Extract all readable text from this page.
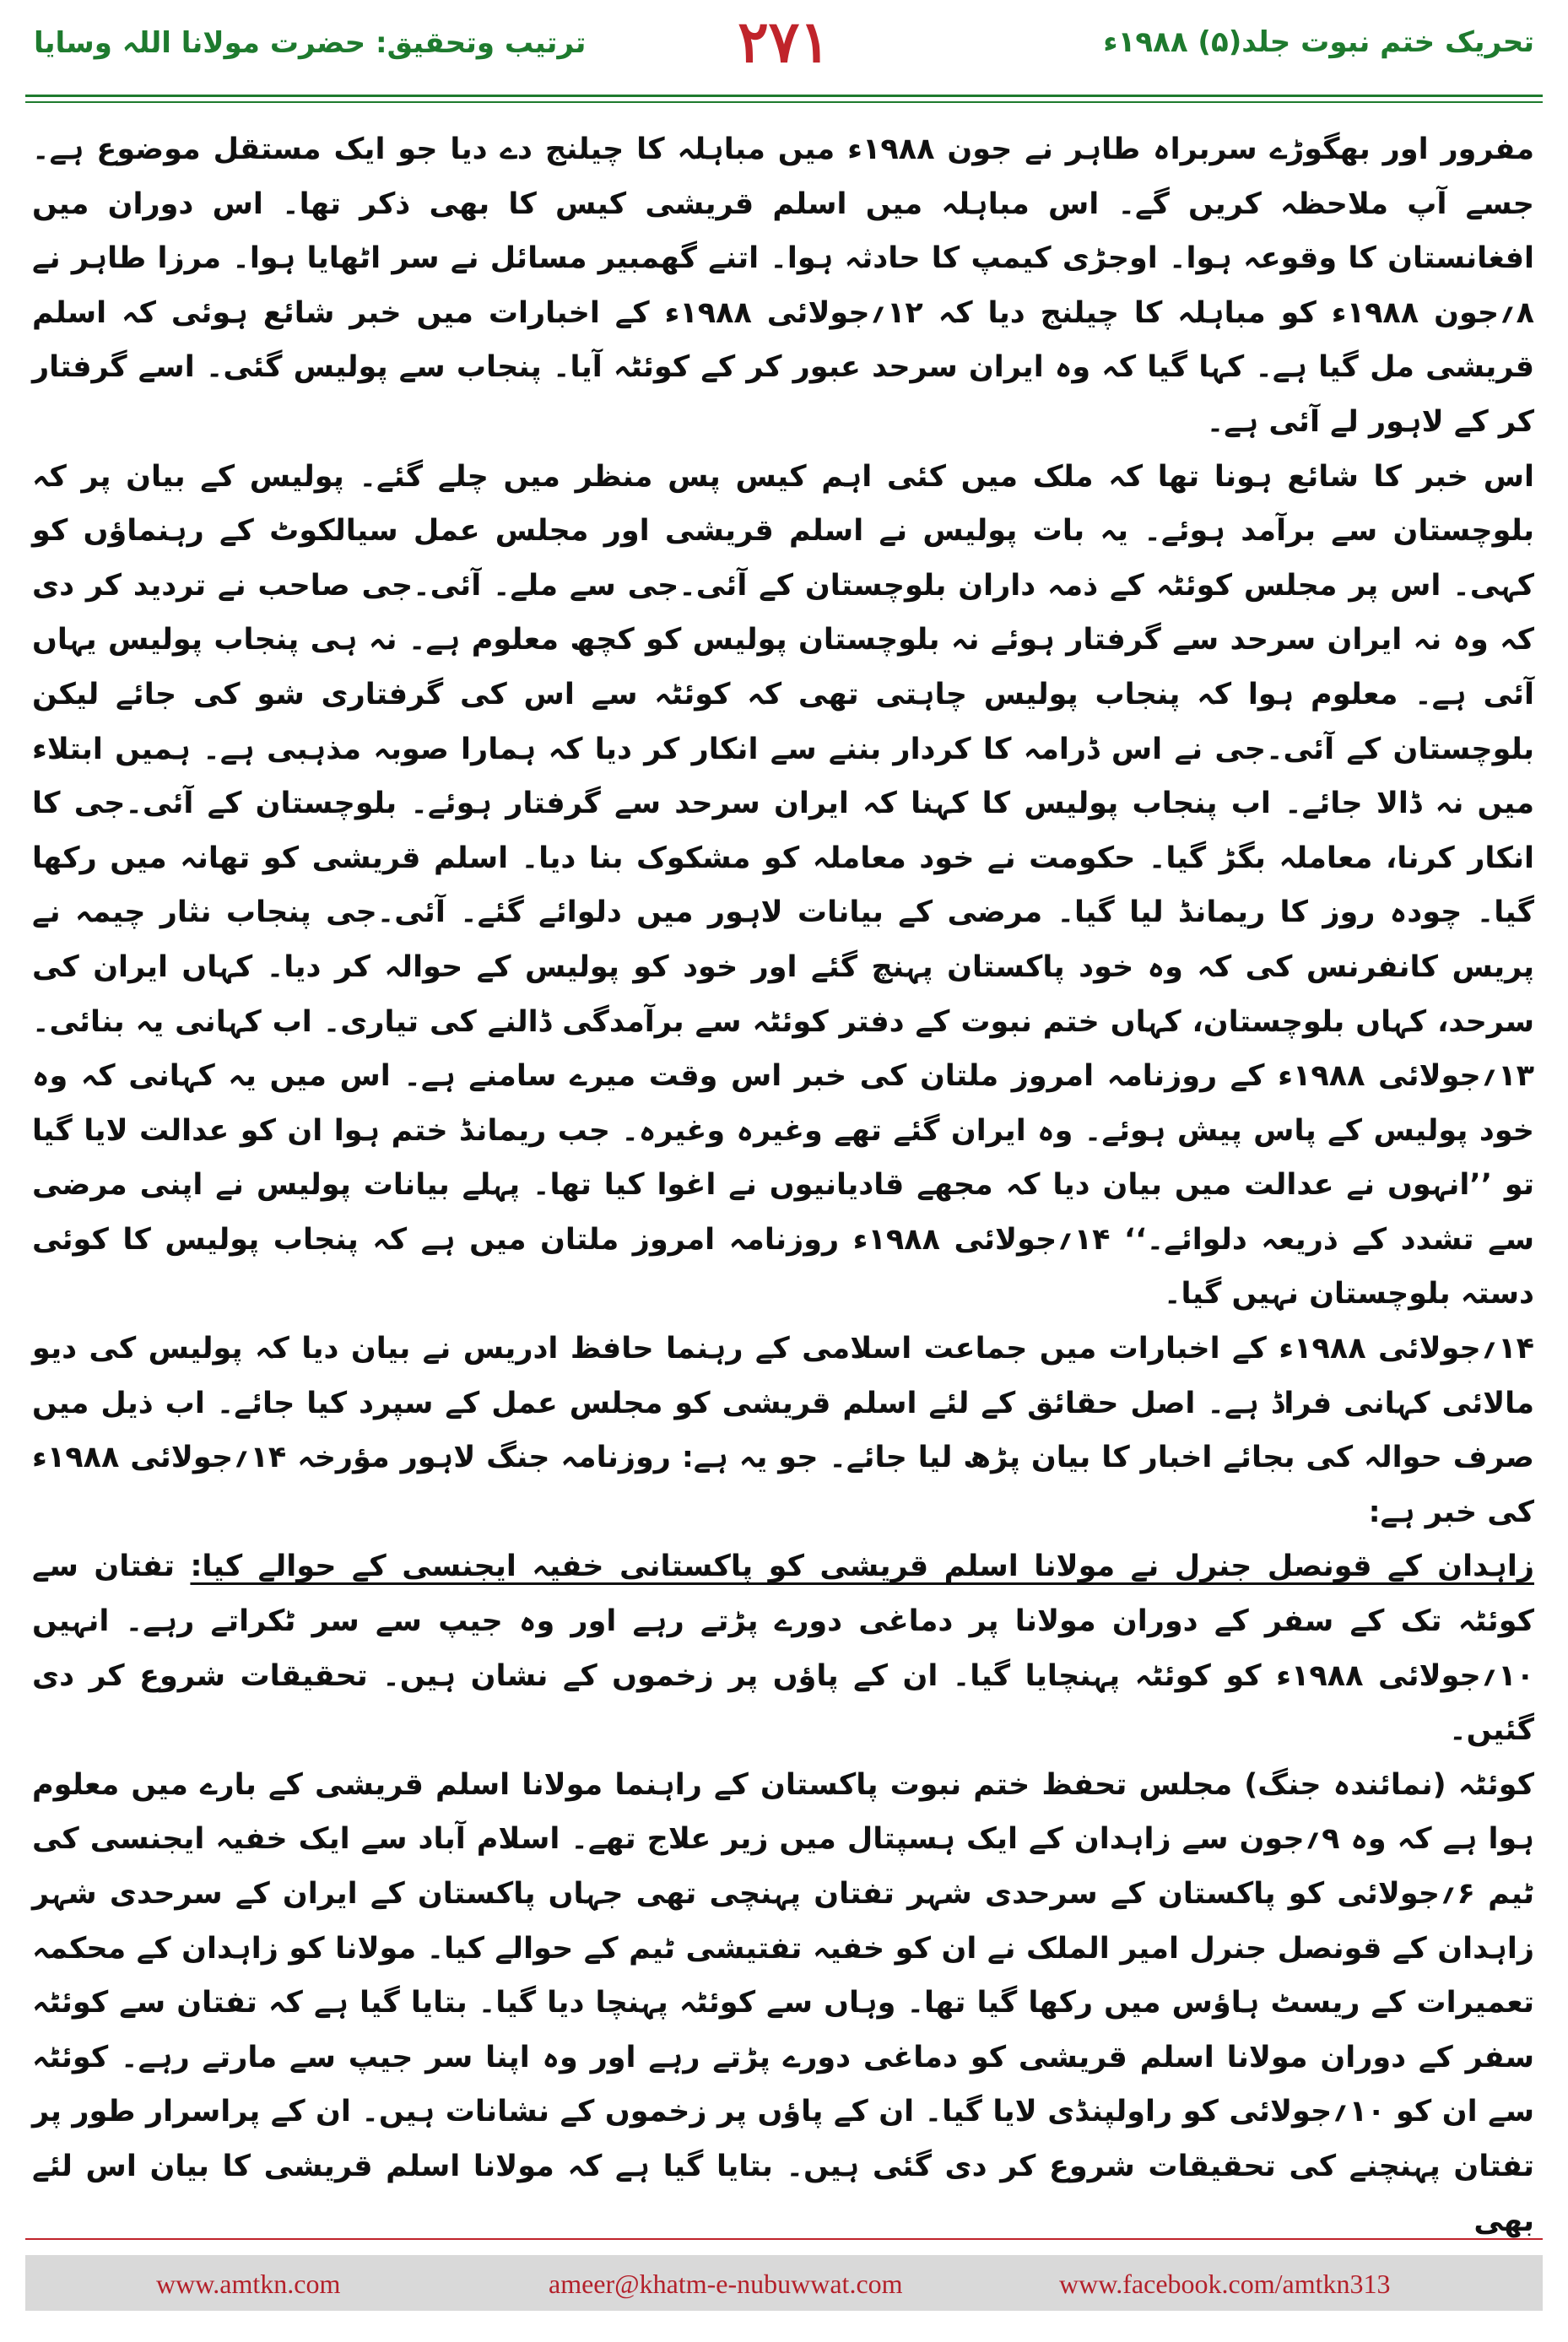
تحریک ختم نبوت جلد(۵) ۱۹۸۸ء
۲۷۱
ترتیب وتحقیق: حضرت مولانا اللہ وسایا

مفرور اور بھگوڑے سربراہ طاہر نے جون ۱۹۸۸ء میں مباہلہ کا چیلنج دے دیا جو ایک مستقل موضوع ہے۔ جسے آپ ملاحظہ کریں گے۔ اس مباہلہ میں اسلم قریشی کیس کا بھی ذکر تھا۔ اس دوران میں افغانستان کا وقوعہ ہوا۔ اوجڑی کیمپ کا حادثہ ہوا۔ اتنے گھمبیر مسائل نے سر اٹھایا ہوا۔ مرزا طاہر نے ۸؍جون ۱۹۸۸ء کو مباہلہ کا چیلنج دیا کہ ۱۲؍جولائی ۱۹۸۸ء کے اخبارات میں خبر شائع ہوئی کہ اسلم قریشی مل گیا ہے۔ کہا گیا کہ وہ ایران سرحد عبور کر کے کوئٹہ آیا۔ پنجاب سے پولیس گئی۔ اسے گرفتار کر کے لاہور لے آئی ہے۔

اس خبر کا شائع ہونا تھا کہ ملک میں کئی اہم کیس پس منظر میں چلے گئے۔ پولیس کے بیان پر کہ بلوچستان سے برآمد ہوئے۔ یہ بات پولیس نے اسلم قریشی اور مجلس عمل سیالکوٹ کے رہنماؤں کو کہی۔ اس پر مجلس کوئٹہ کے ذمہ داران بلوچستان کے آئی۔جی سے ملے۔ آئی۔جی صاحب نے تردید کر دی کہ وہ نہ ایران سرحد سے گرفتار ہوئے نہ بلوچستان پولیس کو کچھ معلوم ہے۔ نہ ہی پنجاب پولیس یہاں آئی ہے۔ معلوم ہوا کہ پنجاب پولیس چاہتی تھی کہ کوئٹہ سے اس کی گرفتاری شو کی جائے لیکن بلوچستان کے آئی۔جی نے اس ڈرامہ کا کردار بننے سے انکار کر دیا کہ ہمارا صوبہ مذہبی ہے۔ ہمیں ابتلاء میں نہ ڈالا جائے۔ اب پنجاب پولیس کا کہنا کہ ایران سرحد سے گرفتار ہوئے۔ بلوچستان کے آئی۔جی کا انکار کرنا، معاملہ بگڑ گیا۔ حکومت نے خود معاملہ کو مشکوک بنا دیا۔ اسلم قریشی کو تھانہ میں رکھا گیا۔ چودہ روز کا ریمانڈ لیا گیا۔ مرضی کے بیانات لاہور میں دلوائے گئے۔ آئی۔جی پنجاب نثار چیمہ نے پریس کانفرنس کی کہ وہ خود پاکستان پہنچ گئے اور خود کو پولیس کے حوالہ کر دیا۔ کہاں ایران کی سرحد، کہاں بلوچستان، کہاں ختم نبوت کے دفتر کوئٹہ سے برآمدگی ڈالنے کی تیاری۔ اب کہانی یہ بنائی۔ ۱۳؍جولائی ۱۹۸۸ء کے روزنامہ امروز ملتان کی خبر اس وقت میرے سامنے ہے۔ اس میں یہ کہانی کہ وہ خود پولیس کے پاس پیش ہوئے۔ وہ ایران گئے تھے وغیرہ وغیرہ۔ جب ریمانڈ ختم ہوا ان کو عدالت لایا گیا تو ’’انہوں نے عدالت میں بیان دیا کہ مجھے قادیانیوں نے اغوا کیا تھا۔ پہلے بیانات پولیس نے اپنی مرضی سے تشدد کے ذریعہ دلوائے۔‘‘ ۱۴؍جولائی ۱۹۸۸ء روزنامہ امروز ملتان میں ہے کہ پنجاب پولیس کا کوئی دستہ بلوچستان نہیں گیا۔

۱۴؍جولائی ۱۹۸۸ء کے اخبارات میں جماعت اسلامی کے رہنما حافظ ادریس نے بیان دیا کہ پولیس کی دیو مالائی کہانی فراڈ ہے۔ اصل حقائق کے لئے اسلم قریشی کو مجلس عمل کے سپرد کیا جائے۔ اب ذیل میں صرف حوالہ کی بجائے اخبار کا بیان پڑھ لیا جائے۔ جو یہ ہے: روزنامہ جنگ لاہور مؤرخہ ۱۴؍جولائی ۱۹۸۸ء کی خبر ہے:

زاہدان کے قونصل جنرل نے مولانا اسلم قریشی کو پاکستانی خفیہ ایجنسی کے حوالے کیا: تفتان سے کوئٹہ تک کے سفر کے دوران مولانا پر دماغی دورے پڑتے رہے اور وہ جیپ سے سر ٹکراتے رہے۔ انہیں ۱۰؍جولائی ۱۹۸۸ء کو کوئٹہ پہنچایا گیا۔ ان کے پاؤں پر زخموں کے نشان ہیں۔ تحقیقات شروع کر دی گئیں۔

کوئٹہ (نمائندہ جنگ) مجلس تحفظ ختم نبوت پاکستان کے راہنما مولانا اسلم قریشی کے بارے میں معلوم ہوا ہے کہ وہ ۹؍جون سے زاہدان کے ایک ہسپتال میں زیر علاج تھے۔ اسلام آباد سے ایک خفیہ ایجنسی کی ٹیم ۶؍جولائی کو پاکستان کے سرحدی شہر تفتان پہنچی تھی جہاں پاکستان کے ایران کے سرحدی شہر زاہدان کے قونصل جنرل امیر الملک نے ان کو خفیہ تفتیشی ٹیم کے حوالے کیا۔ مولانا کو زاہدان کے محکمہ تعمیرات کے ریسٹ ہاؤس میں رکھا گیا تھا۔ وہاں سے کوئٹہ پہنچا دیا گیا۔ بتایا گیا ہے کہ تفتان سے کوئٹہ سفر کے دوران مولانا اسلم قریشی کو دماغی دورے پڑتے رہے اور وہ اپنا سر جیپ سے مارتے رہے۔ کوئٹہ سے ان کو ۱۰؍جولائی کو راولپنڈی لایا گیا۔ ان کے پاؤں پر زخموں کے نشانات ہیں۔ ان کے پراسرار طور پر تفتان پہنچنے کی تحقیقات شروع کر دی گئی ہیں۔ بتایا گیا ہے کہ مولانا اسلم قریشی کا بیان اس لئے بھی

www.amtkn.com	ameer@khatm-e-nubuwwat.com	www.facebook.com/amtkn313
